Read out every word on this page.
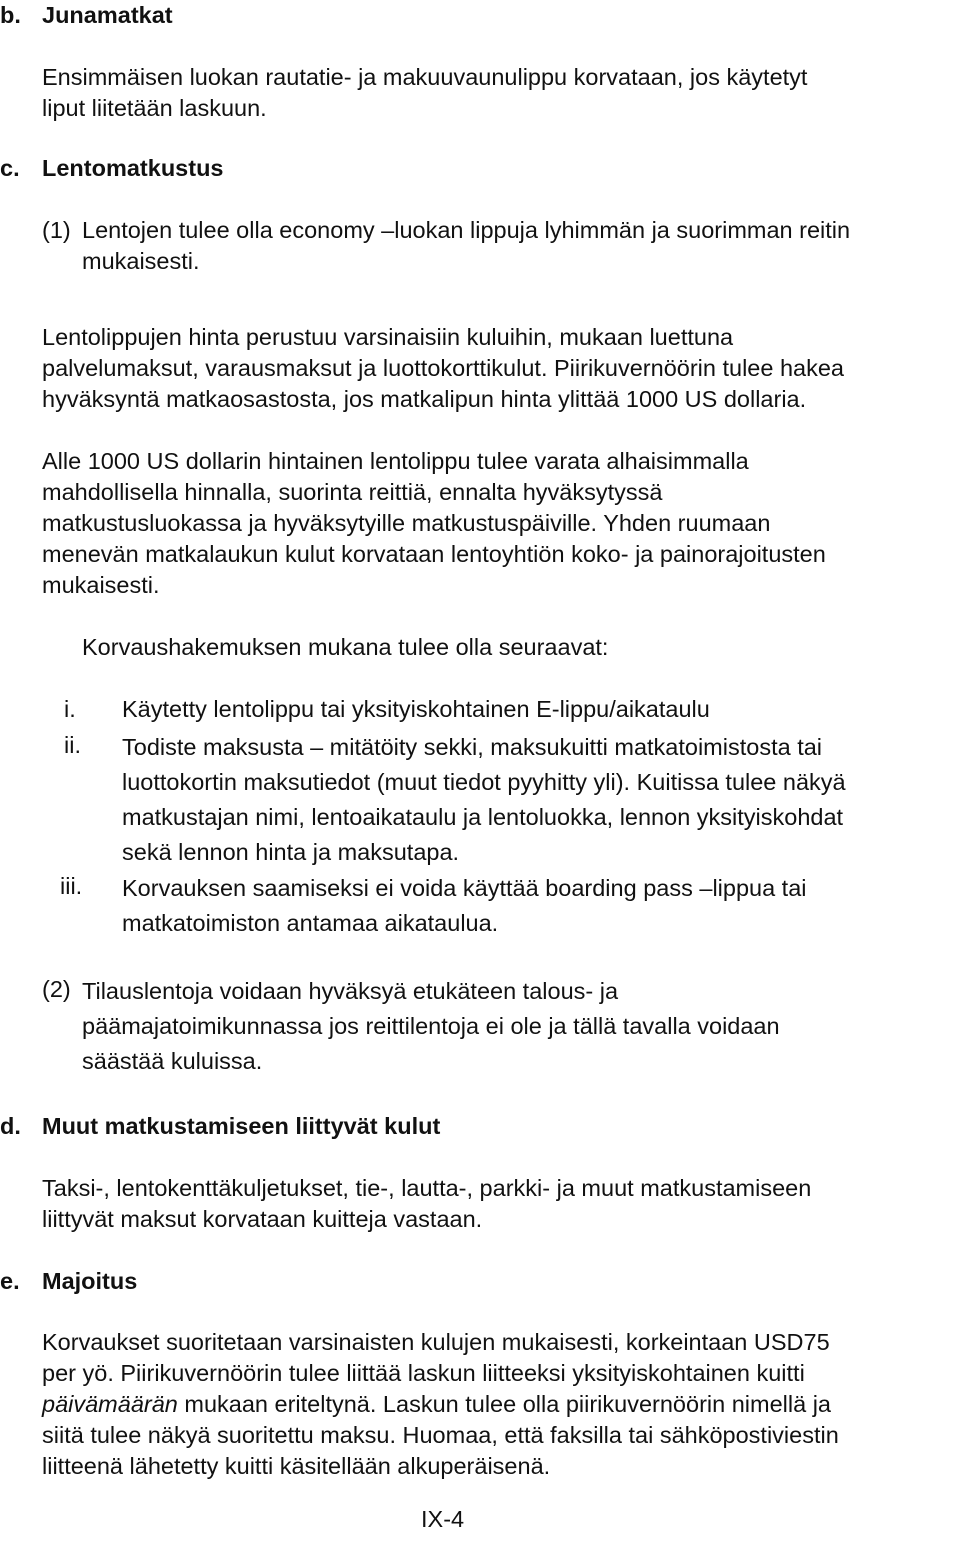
b. Junamatkat
Ensimmäisen luokan rautatie- ja makuuvaunulippu korvataan, jos käytetyt
liput liitetään laskuun.
c. Lentomatkustus
(1) Lentojen tulee olla economy –luokan lippuja lyhimmän ja suorimman reitin
mukaisesti.
Lentolippujen hinta perustuu varsinaisiin kuluihin, mukaan luettuna
palvelumaksut, varausmaksut ja luottokorttikulut. Piirikuvernöörin tulee hakea
hyväksyntä matkaosastosta, jos matkalipun hinta ylittää 1000 US dollaria.
Alle 1000 US dollarin hintainen lentolippu tulee varata alhaisimmalla
mahdollisella hinnalla, suorinta reittiä, ennalta hyväksytyssä
matkustusluokassa ja hyväksytyille matkustuspäiville. Yhden ruumaan
menevän matkalaukun kulut korvataan lentoyhtiön koko- ja painorajoitusten
mukaisesti.
Korvaushakemuksen mukana tulee olla seuraavat:
i. Käytetty lentolippu tai yksityiskohtainen E-lippu/aikataulu
ii. Todiste maksusta – mitätöity sekki, maksukuitti matkatoimistosta tai
luottokortin maksutiedot (muut tiedot pyyhitty yli). Kuitissa tulee näkyä
matkustajan nimi, lentoaikataulu ja lentoluokka, lennon yksityiskohdat
sekä lennon hinta ja maksutapa.
iii. Korvauksen saamiseksi ei voida käyttää boarding pass –lippua tai
matkatoimiston antamaa aikataulua.
(2) Tilauslentoja voidaan hyväksyä etukäteen talous- ja
päämajatoimikunnassa jos reittilentoja ei ole ja tällä tavalla voidaan
säästää kuluissa.
d. Muut matkustamiseen liittyvät kulut
Taksi-, lentokenttäkuljetukset, tie-, lautta-, parkki- ja muut matkustamiseen
liittyvät maksut korvataan kuitteja vastaan.
e. Majoitus
Korvaukset suoritetaan varsinaisten kulujen mukaisesti, korkeintaan USD75
per yö. Piirikuvernöörin tulee liittää laskun liitteeksi yksityiskohtainen kuitti
päivämäärän mukaan eriteltynä. Laskun tulee olla piirikuvernöörin nimellä ja
siitä tulee näkyä suoritettu maksu. Huomaa, että faksilla tai sähköpostiviestin
liitteenä lähetetty kuitti käsitellään alkuperäisenä.
IX-4
